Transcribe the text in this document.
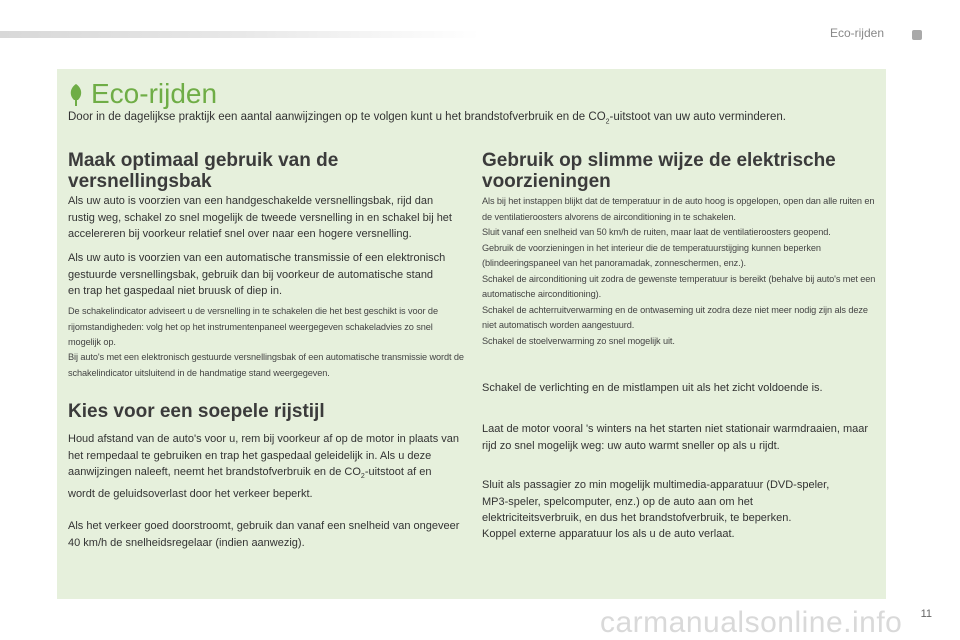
Eco-rijden
Eco-rijden
Door in de dagelijkse praktijk een aantal aanwijzingen op te volgen kunt u het brandstofverbruik en de $CO_2$-uitstoot van uw auto verminderen.
Maak optimaal gebruik van de versnellingsbak

Als uw auto is voorzien van een handgeschakelde versnellingsbak, rijd dan rustig weg, schakel zo snel mogelijk de tweede versnelling in en schakel bij het accelereren bij voorkeur relatief snel over naar een hogere versnelling.

Als uw auto is voorzien van een automatische transmissie of een elektronisch gestuurde versnellingsbak, gebruik dan bij voorkeur de automatische stand en trap het gaspedaal niet bruusk of diep in.

De schakelindicator adviseert u de versnelling in te schakelen die het best geschikt is voor de rijomstandigheden: volg het op het instrumentenpaneel weergegeven schakeladvies zo snel mogelijk op.

Bij auto's met een elektronisch gestuurde versnellingsbak of een automatische transmissie wordt de schakelindicator uitsluitend in de handmatige stand weergegeven.

Kies voor een soepele rijstijl

Houd afstand van de auto's voor u, rem bij voorkeur af op de motor in plaats van het rempedaal te gebruiken en trap het gaspedaal geleidelijk in. Als u deze aanwijzingen naleeft, neemt het brandstofverbruik en de $CO_2$-uitstoot af en wordt de geluidsoverlast door het verkeer beperkt.

Als het verkeer goed doorstroomt, gebruik dan vanaf een snelheid van ongeveer 40 km/h de snelheidsregelaar (indien aanwezig).

Gebruik op slimme wijze de elektrische voorzieningen
Als bij het instappen blijkt dat de temperatuur in de auto hoog is opgelopen, open dan alle ruiten en de ventilatieroosters alvorens de airconditioning in te schakelen.
Sluit vanaf een snelheid van 50 km/h de ruiten, maar laat de ventilatieroosters geopend.
Gebruik de voorzieningen in het interieur die de temperatuurstijging kunnen beperken (blindeeringspaneel van het panoramadak, zonneschermen, enz.).
Schakel de airconditioning uit zodra de gewenste temperatuur is bereikt (behalve bij auto's met een automatische airconditioning).
Schakel de achterruitverwarming en de ontwaseming uit zodra deze niet meer nodig zijn als deze niet automatisch worden aangestuurd.
Schakel de stoelverwarming zo snel mogelijk uit.

Schakel de verlichting en de mistlampen uit als het zicht voldoende is.

Laat de motor vooral 's winters na het starten niet stationair warmdraaien, maar rijd zo snel mogelijk weg: uw auto warmt sneller op als u rijdt.

Sluit als passagier zo min mogelijk multimedia-apparatuur (DVD-speler, MP3-speler, spelcomputer, enz.) op de auto aan om het elektriciteitsverbruik, en dus het brandstofverbruik, te beperken.

Koppel externe apparatuur los als u de auto verlaat.

carmanualsonline.info	11
